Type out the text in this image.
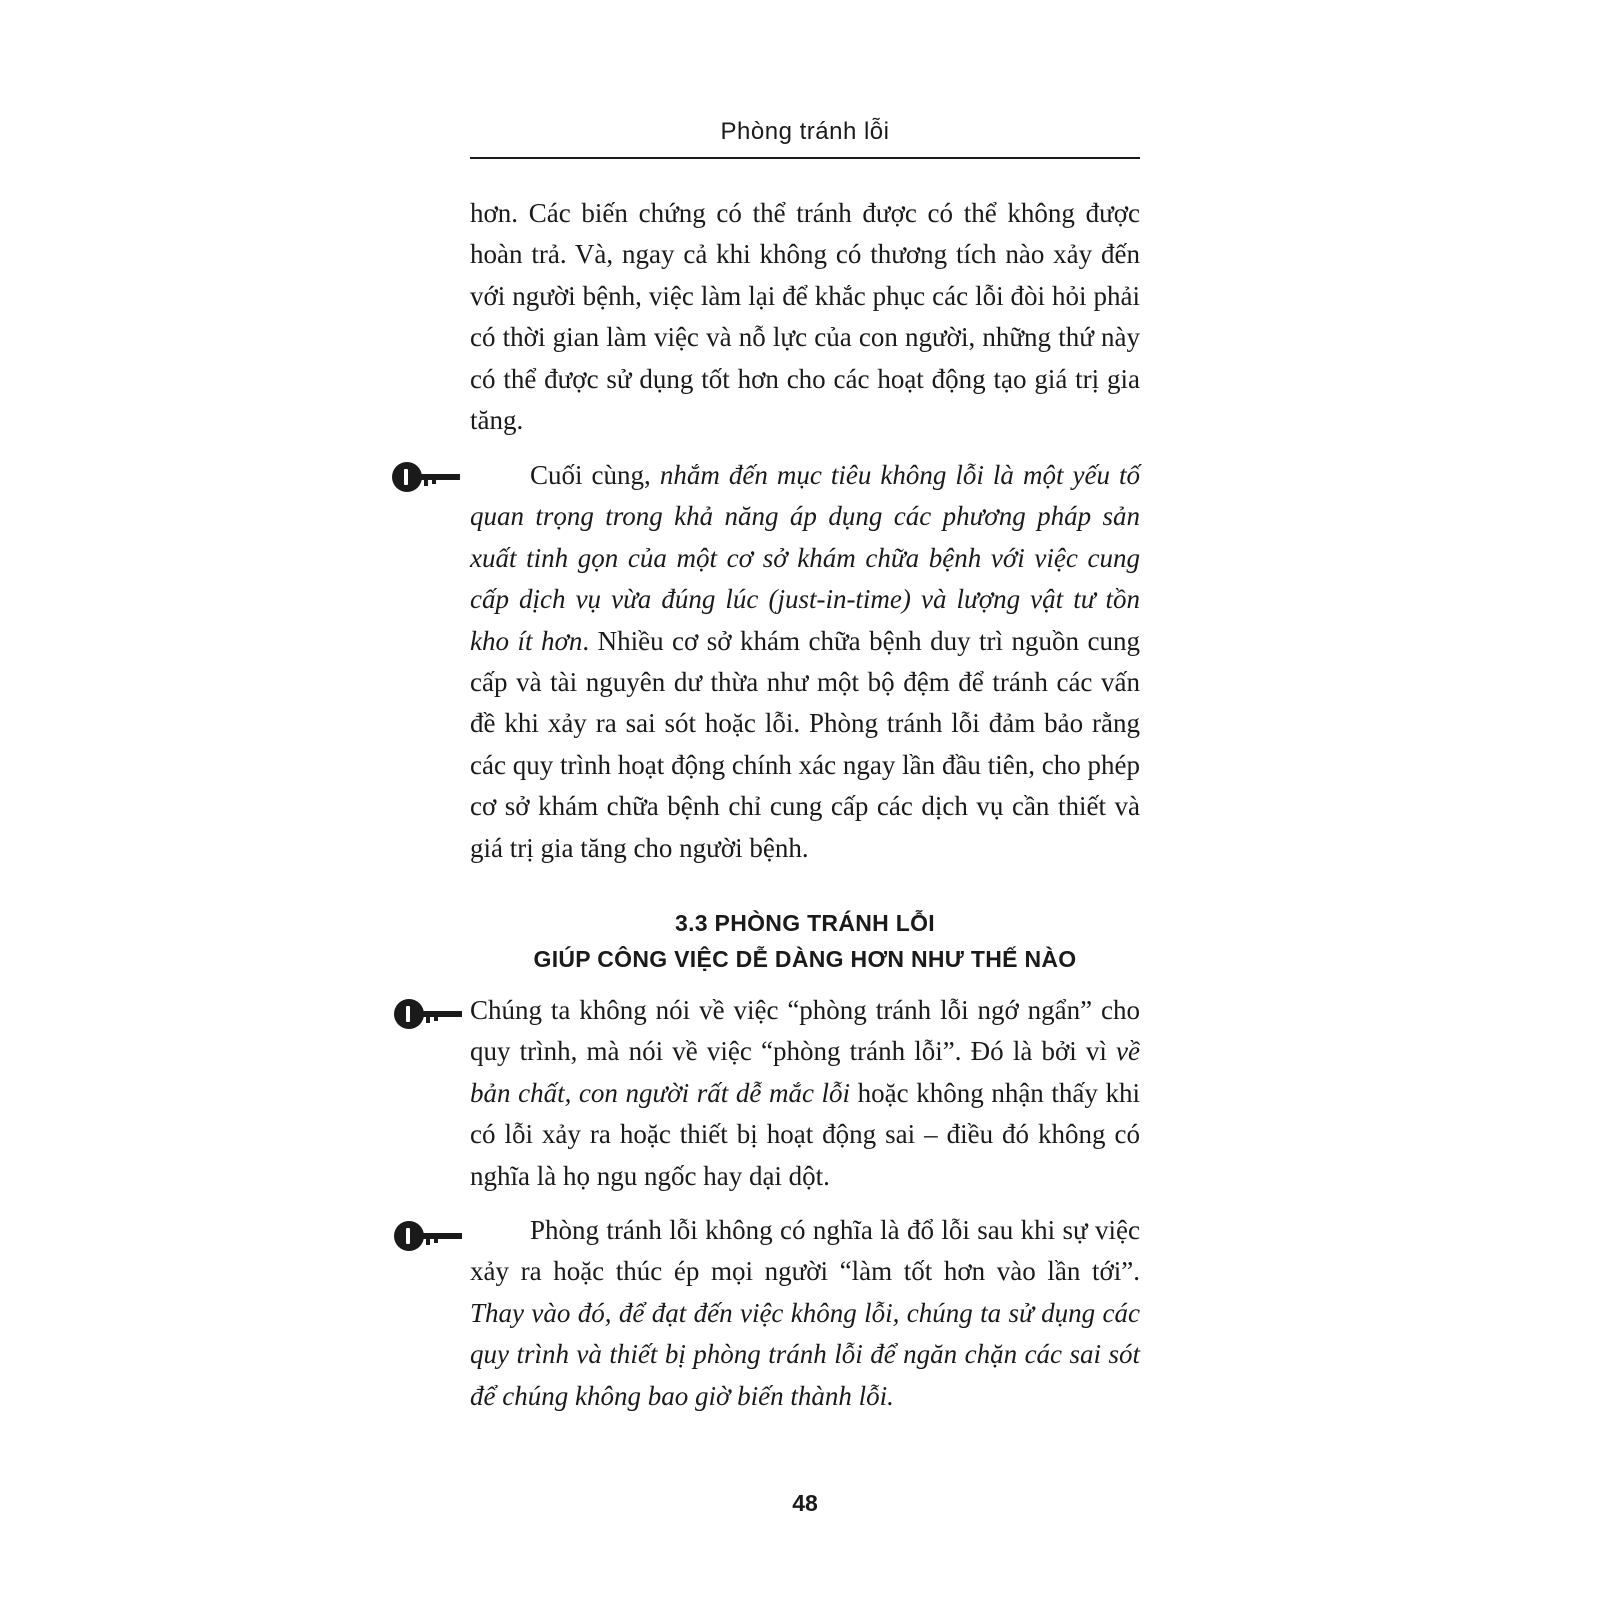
Phòng tránh lỗi

hơn. Các biến chứng có thể tránh được có thể không được hoàn trả. Và, ngay cả khi không có thương tích nào xảy đến với người bệnh, việc làm lại để khắc phục các lỗi đòi hỏi phải có thời gian làm việc và nỗ lực của con người, những thứ này có thể được sử dụng tốt hơn cho các hoạt động tạo giá trị gia tăng.

Cuối cùng, nhắm đến mục tiêu không lỗi là một yếu tố quan trọng trong khả năng áp dụng các phương pháp sản xuất tinh gọn của một cơ sở khám chữa bệnh với việc cung cấp dịch vụ vừa đúng lúc (just-in-time) và lượng vật tư tồn kho ít hơn. Nhiều cơ sở khám chữa bệnh duy trì nguồn cung cấp và tài nguyên dư thừa như một bộ đệm để tránh các vấn đề khi xảy ra sai sót hoặc lỗi. Phòng tránh lỗi đảm bảo rằng các quy trình hoạt động chính xác ngay lần đầu tiên, cho phép cơ sở khám chữa bệnh chỉ cung cấp các dịch vụ cần thiết và giá trị gia tăng cho người bệnh.

3.3 PHÒNG TRÁNH LỖI
GIÚP CÔNG VIỆC DỄ DÀNG HƠN NHƯ THẾ NÀO

Chúng ta không nói về việc “phòng tránh lỗi ngớ ngẩn” cho quy trình, mà nói về việc “phòng tránh lỗi”. Đó là bởi vì về bản chất, con người rất dễ mắc lỗi hoặc không nhận thấy khi có lỗi xảy ra hoặc thiết bị hoạt động sai – điều đó không có nghĩa là họ ngu ngốc hay dại dột.

Phòng tránh lỗi không có nghĩa là đổ lỗi sau khi sự việc xảy ra hoặc thúc ép mọi người “làm tốt hơn vào lần tới”. Thay vào đó, để đạt đến việc không lỗi, chúng ta sử dụng các quy trình và thiết bị phòng tránh lỗi để ngăn chặn các sai sót để chúng không bao giờ biến thành lỗi.

48
